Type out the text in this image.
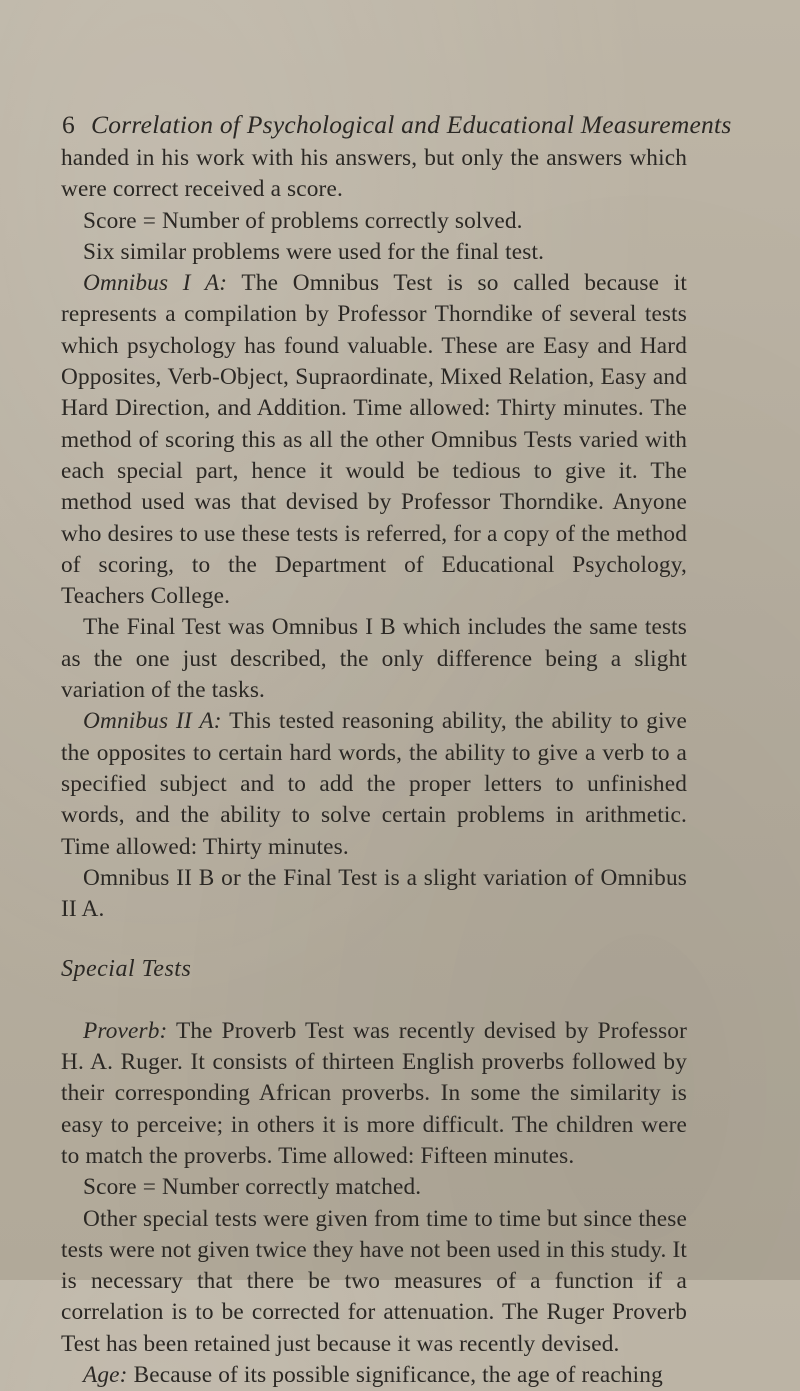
6 Correlation of Psychological and Educational Measurements

handed in his work with his answers, but only the answers which were correct received a score.

Score = Number of problems correctly solved.

Six similar problems were used for the final test.

Omnibus I A: The Omnibus Test is so called because it represents a compilation by Professor Thorndike of several tests which psychology has found valuable. These are Easy and Hard Opposites, Verb-Object, Supraordinate, Mixed Relation, Easy and Hard Direction, and Addition. Time allowed: Thirty minutes. The method of scoring this as all the other Omnibus Tests varied with each special part, hence it would be tedious to give it. The method used was that devised by Professor Thorndike. Anyone who desires to use these tests is referred, for a copy of the method of scoring, to the Department of Educational Psychology, Teachers College.

The Final Test was Omnibus I B which includes the same tests as the one just described, the only difference being a slight variation of the tasks.

Omnibus II A: This tested reasoning ability, the ability to give the opposites to certain hard words, the ability to give a verb to a specified subject and to add the proper letters to unfinished words, and the ability to solve certain problems in arithmetic. Time allowed: Thirty minutes.

Omnibus II B or the Final Test is a slight variation of Omnibus II A.

Special Tests

Proverb: The Proverb Test was recently devised by Professor H. A. Ruger. It consists of thirteen English proverbs followed by their corresponding African proverbs. In some the similarity is easy to perceive; in others it is more difficult. The children were to match the proverbs. Time allowed: Fifteen minutes.

Score = Number correctly matched.

Other special tests were given from time to time but since these tests were not given twice they have not been used in this study. It is necessary that there be two measures of a function if a correlation is to be corrected for attenuation. The Ruger Proverb Test has been retained just because it was recently devised.

Age: Because of its possible significance, the age of reaching
